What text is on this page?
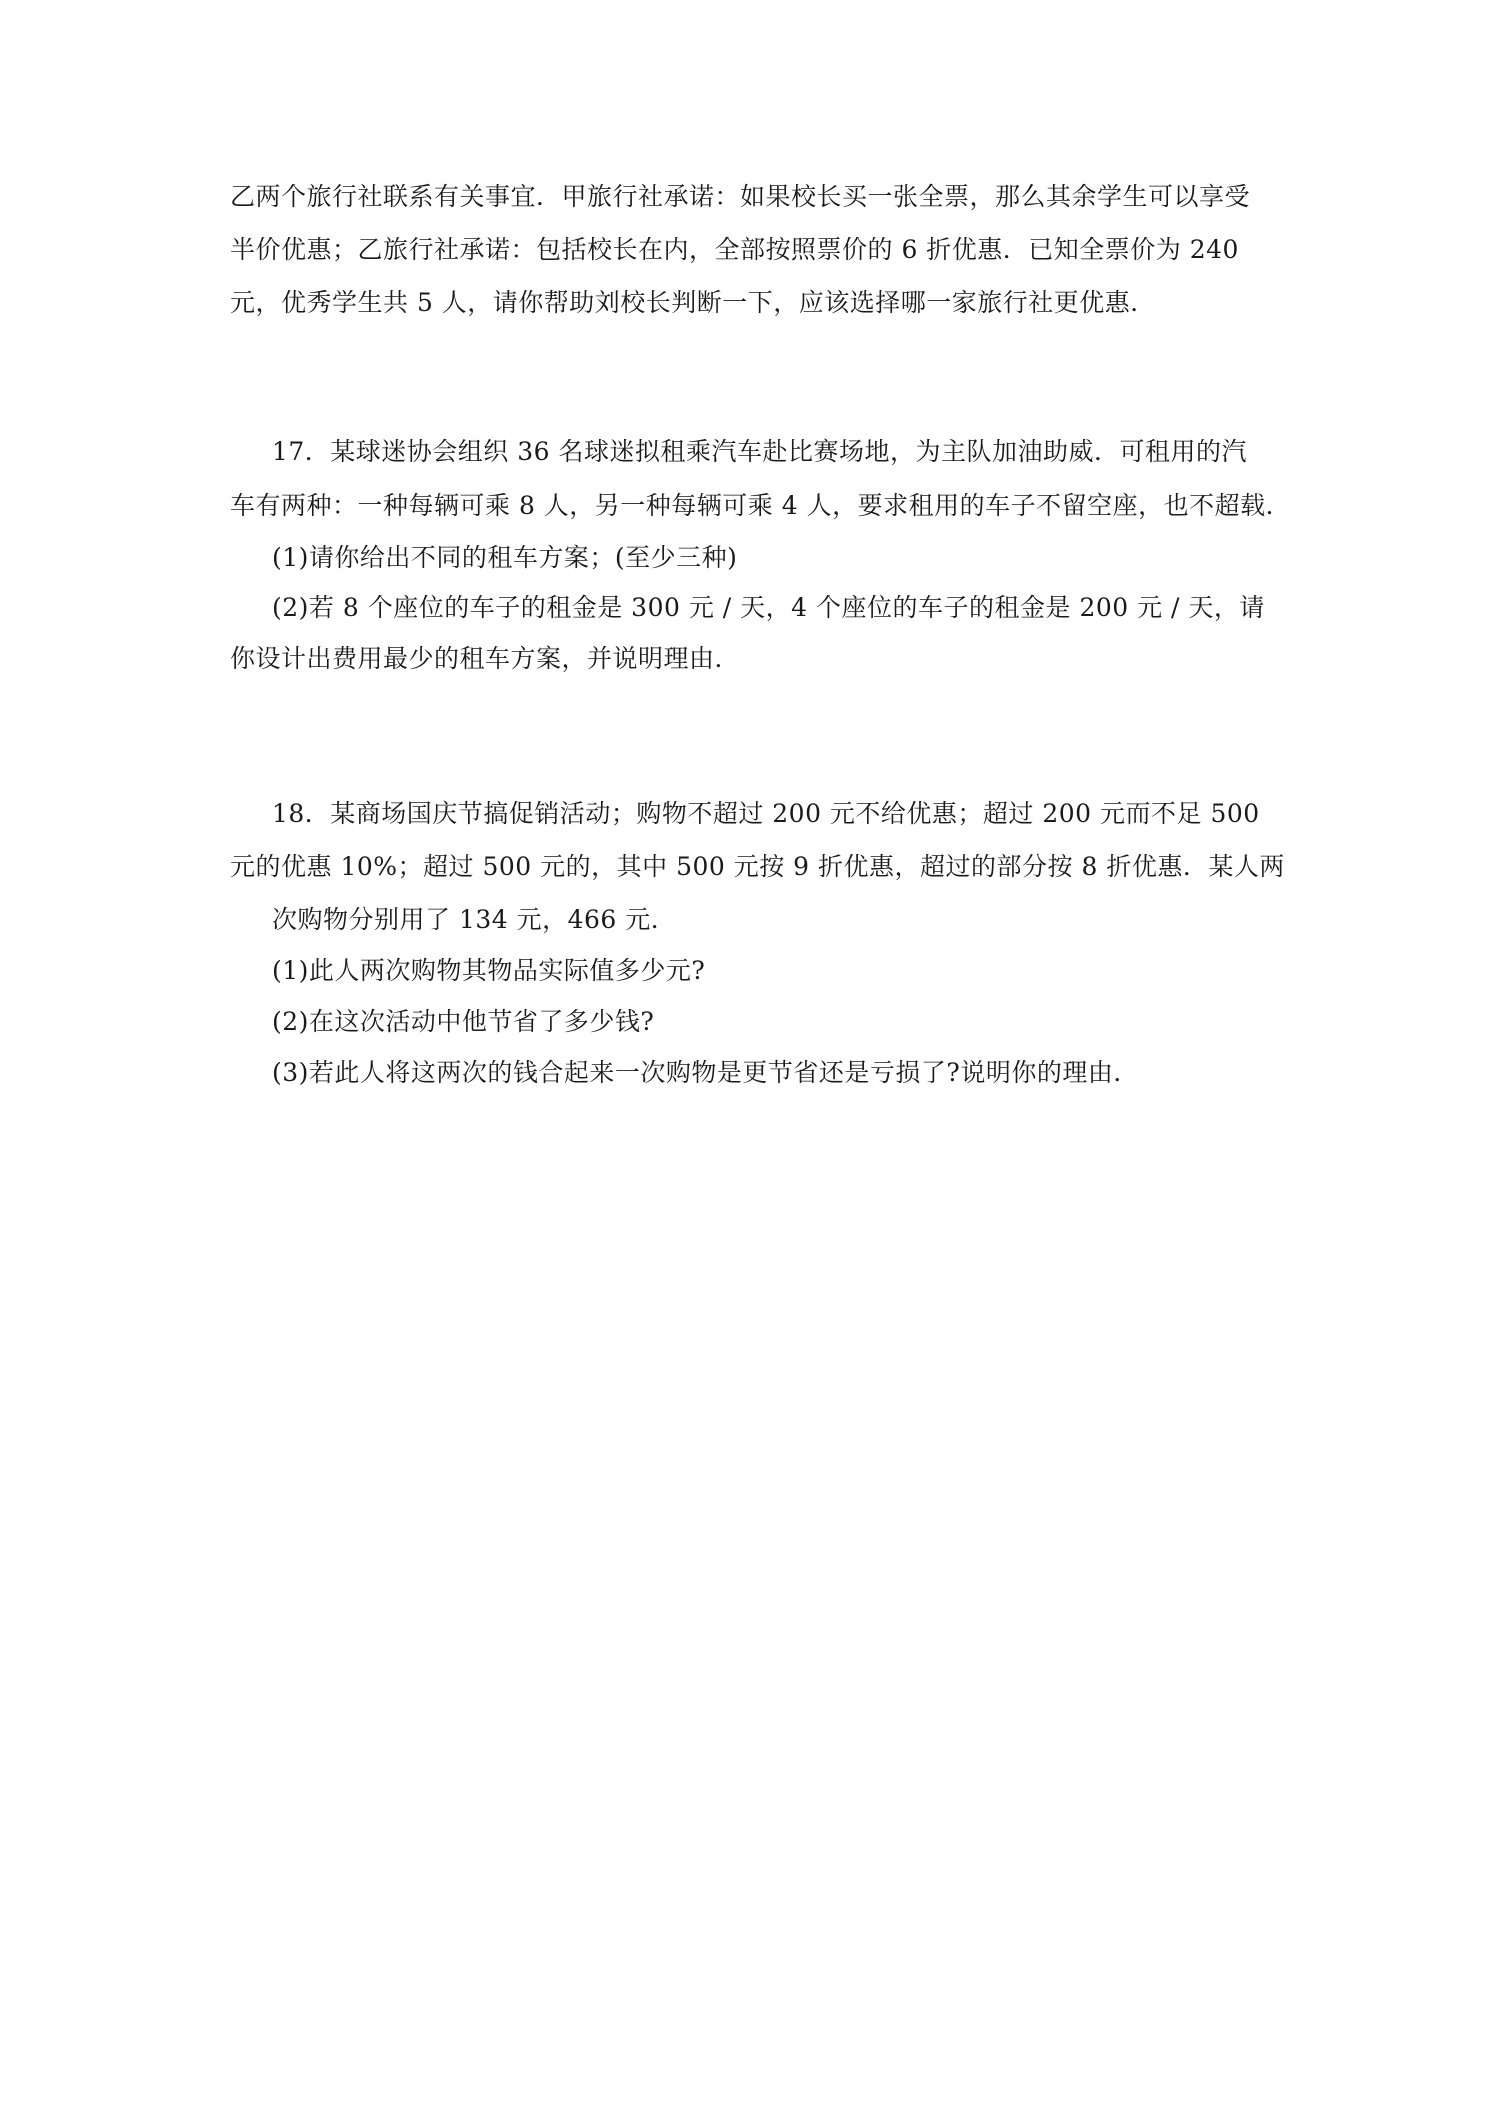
乙两个旅行社联系有关事宜．甲旅行社承诺：如果校长买一张全票，那么其余学生可以享受
半价优惠；乙旅行社承诺：包括校长在内，全部按照票价的 6 折优惠．已知全票价为 240
元，优秀学生共 5 人，请你帮助刘校长判断一下，应该选择哪一家旅行社更优惠．
17．某球迷协会组织 36 名球迷拟租乘汽车赴比赛场地，为主队加油助威．可租用的汽
车有两种：一种每辆可乘 8 人，另一种每辆可乘 4 人，要求租用的车子不留空座，也不超载．
(1)请你给出不同的租车方案；(至少三种)
(2)若 8 个座位的车子的租金是 300 元 / 天，4 个座位的车子的租金是 200 元 / 天，请
你设计出费用最少的租车方案，并说明理由．
18．某商场国庆节搞促销活动；购物不超过 200 元不给优惠；超过 200 元而不足 500
元的优惠 10%；超过 500 元的，其中 500 元按 9 折优惠，超过的部分按 8 折优惠．某人两
次购物分别用了 134 元，466 元．
(1)此人两次购物其物品实际值多少元?
(2)在这次活动中他节省了多少钱?
(3)若此人将这两次的钱合起来一次购物是更节省还是亏损了?说明你的理由．
